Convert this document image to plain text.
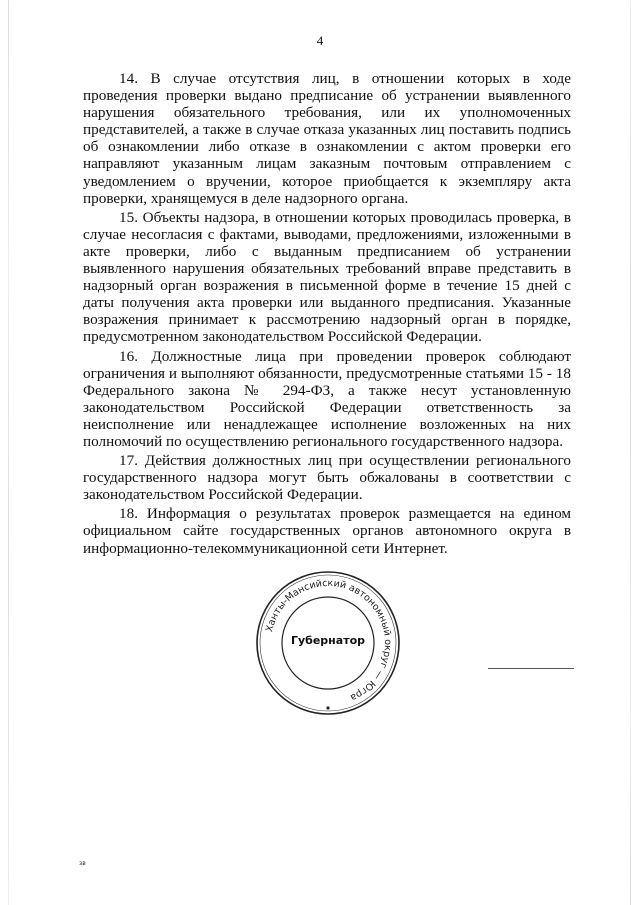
4

14. В случае отсутствия лиц, в отношении которых в ходе проведения проверки выдано предписание об устранении выявленного нарушения обязательного требования, или их уполномоченных представителей, а также в случае отказа указанных лиц поставить подпись об ознакомлении либо отказе в ознакомлении с актом проверки его направляют указанным лицам заказным почтовым отправлением с уведомлением о вручении, которое приобщается к экземпляру акта проверки, хранящемуся в деле надзорного органа.

15. Объекты надзора, в отношении которых проводилась проверка, в случае несогласия с фактами, выводами, предложениями, изложенными в акте проверки, либо с выданным предписанием об устранении выявленного нарушения обязательных требований вправе представить в надзорный орган возражения в письменной форме в течение 15 дней с даты получения акта проверки или выданного предписания. Указанные возражения принимает к рассмотрению надзорный орган в порядке, предусмотренном законодательством Российской Федерации.

16. Должностные лица при проведении проверок соблюдают ограничения и выполняют обязанности, предусмотренные статьями 15 - 18 Федерального закона № 294-ФЗ, а также несут установленную законодательством Российской Федерации ответственность за неисполнение или ненадлежащее исполнение возложенных на них полномочий по осуществлению регионального государственного надзора.

17. Действия должностных лиц при осуществлении регионального государственного надзора могут быть обжалованы в соответствии с законодательством Российской Федерации.

18. Информация о результатах проверок размещается на едином официальном сайте государственных органов автономного округа в информационно-телекоммуникационной сети Интернет.

Ханты-Мансийский автономный округ — Югра
Губернатор
зв
